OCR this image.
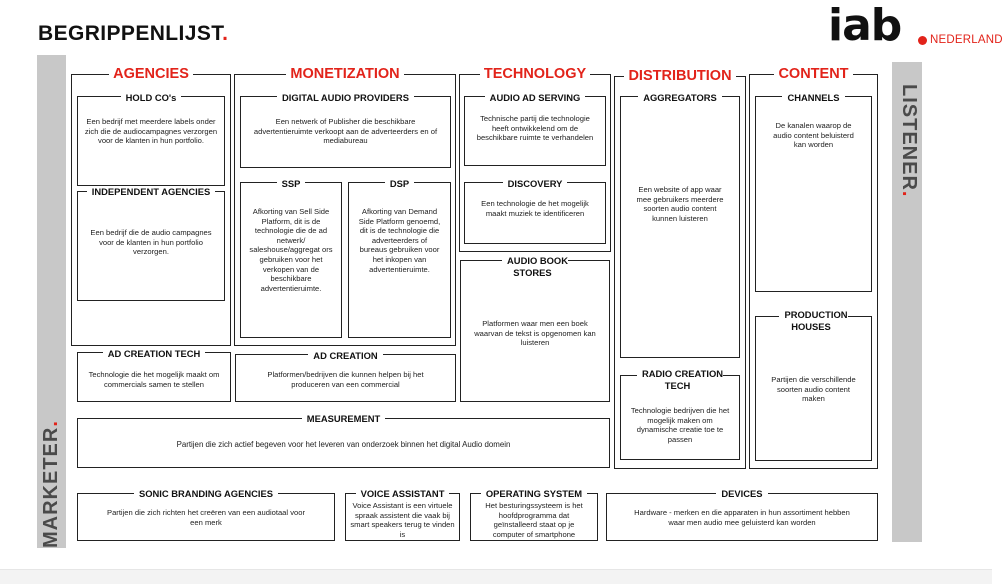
BEGRIPPENLIJST.	iab NEDERLAND
MARKETER.
LISTENER.
AGENCIES	MONETIZATION	TECHNOLOGY	DISTRIBUTION	CONTENT
HOLD CO's
Een bedrijf met meerdere labels onder zich die de audiocampagnes verzorgen voor de klanten in hun portfolio.
INDEPENDENT AGENCIES
Een bedrijf die de audio campagnes voor de klanten in hun portfolio verzorgen.
AD CREATION TECH
Technologie die het mogelijk maakt om commercials samen te stellen
DIGITAL AUDIO PROVIDERS
Een netwerk of Publisher die beschikbare advertentieruimte verkoopt aan de adverteerders en of mediabureau
SSP
Afkorting van Sell Side Platform, dit is de technologie die de ad netwerk/ saleshouse/aggregat ors gebruiken voor het verkopen van de beschikbare advertentieruimte.
DSP
Afkorting van Demand Side Platform genoemd, dit is de technologie die adverteerders of bureaus gebruiken voor het inkopen van advertentieruimte.
AD CREATION
Platformen/bedrijven die kunnen helpen bij het produceren van een commercial
AUDIO AD SERVING
Technische partij die technologie heeft ontwikkelend om de beschikbare ruimte te verhandelen
DISCOVERY
Een technologie de het mogelijk maakt muziek te identificeren
AUDIO BOOK STORES
Platformen waar men een boek waarvan de tekst is opgenomen kan luisteren
AGGREGATORS
Een website of app waar mee gebruikers meerdere soorten audio content kunnen luisteren
RADIO CREATION TECH
Technologie bedrijven die het mogelijk maken om dynamische creatie toe te passen
CHANNELS
De kanalen waarop de audio content beluisterd kan worden
PRODUCTION HOUSES
Partijen die verschillende soorten audio content maken
MEASUREMENT
Partijen die zich actief begeven voor het leveren van onderzoek binnen het digital Audio domein
SONIC BRANDING AGENCIES
Partijen die zich richten het creëren van een audiotaal voor een merk
VOICE ASSISTANT
Voice Assistant is een virtuele spraak assistent die vaak bij smart speakers terug te vinden is
OPERATING SYSTEM
Het besturingssysteem is het hoofdprogramma dat geïnstalleerd staat op je computer of smartphone
DEVICES
Hardware - merken en die apparaten in hun assortiment hebben waar men audio mee geluisterd kan worden
